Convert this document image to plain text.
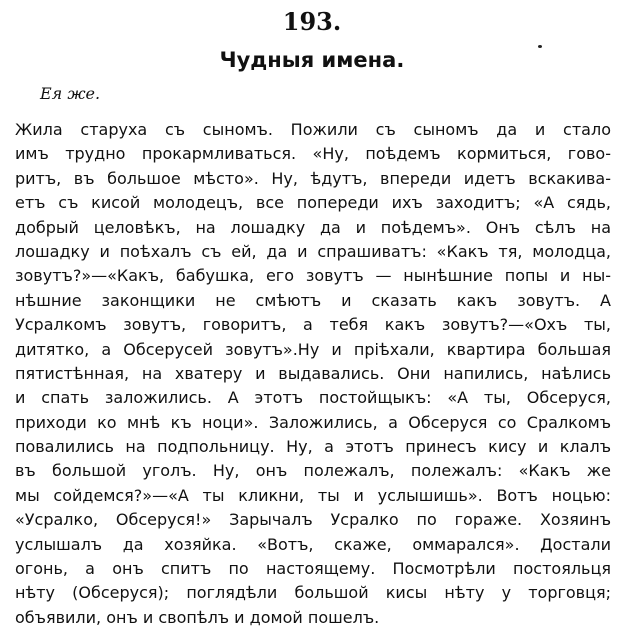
193.
Чудныя имена.
Ея же.
Жила старуха съ сыномъ. Пожили съ сыномъ да и стало
имъ трудно прокармливаться. «Ну, поѣдемъ кормиться, гово-
ритъ, въ большое мѣсто». Ну, ѣдутъ, впереди идетъ вскакива-
етъ съ кисой молодецъ, все попереди ихъ заходитъ; «А сядь,
добрый целовѣкъ, на лошадку да и поѣдемъ». Онъ сѣлъ на
лошадку и поѣхалъ съ ей, да и спрашиватъ: «Какъ тя, молодца,
зовутъ?»—«Какъ, бабушка, его зовутъ — нынѣшние попы и ны-
нѣшние законщики не смѣютъ и сказать какъ зовутъ. А
Усралкомъ зовутъ, говоритъ, а тебя какъ зовутъ?—«Охъ ты,
дитятко, а Обсерусей зовутъ».Ну и прiѣхали, квартира большая
пятистѣнная, на хватеру и выдавались. Они напились, наѣлись
и спать заложились. А этотъ постойщыкъ: «А ты, Обсеруся,
приходи ко мнѣ къ ноци». Заложились, а Обсеруся со Сралкомъ
повалились на подпольницу. Ну, а этотъ принесъ кису и клалъ
въ большой уголъ. Ну, онъ полежалъ, полежалъ: «Какъ же
мы сойдемся?»—«А ты кликни, ты и услышишь». Вотъ ноцью:
«Усралко, Обсеруся!» Зарычалъ Усралко по горажe. Хозяинъ
услышалъ да хозяйка. «Вотъ, скаже, оммарался». Достали
огонь, а онъ спитъ по настоящему. Посмотрѣли постояльця
нѣту (Обсеруся); поглядѣли большой кисы нѣту у торговця;
объявили, онъ и свопѣлъ и домой пошелъ.
